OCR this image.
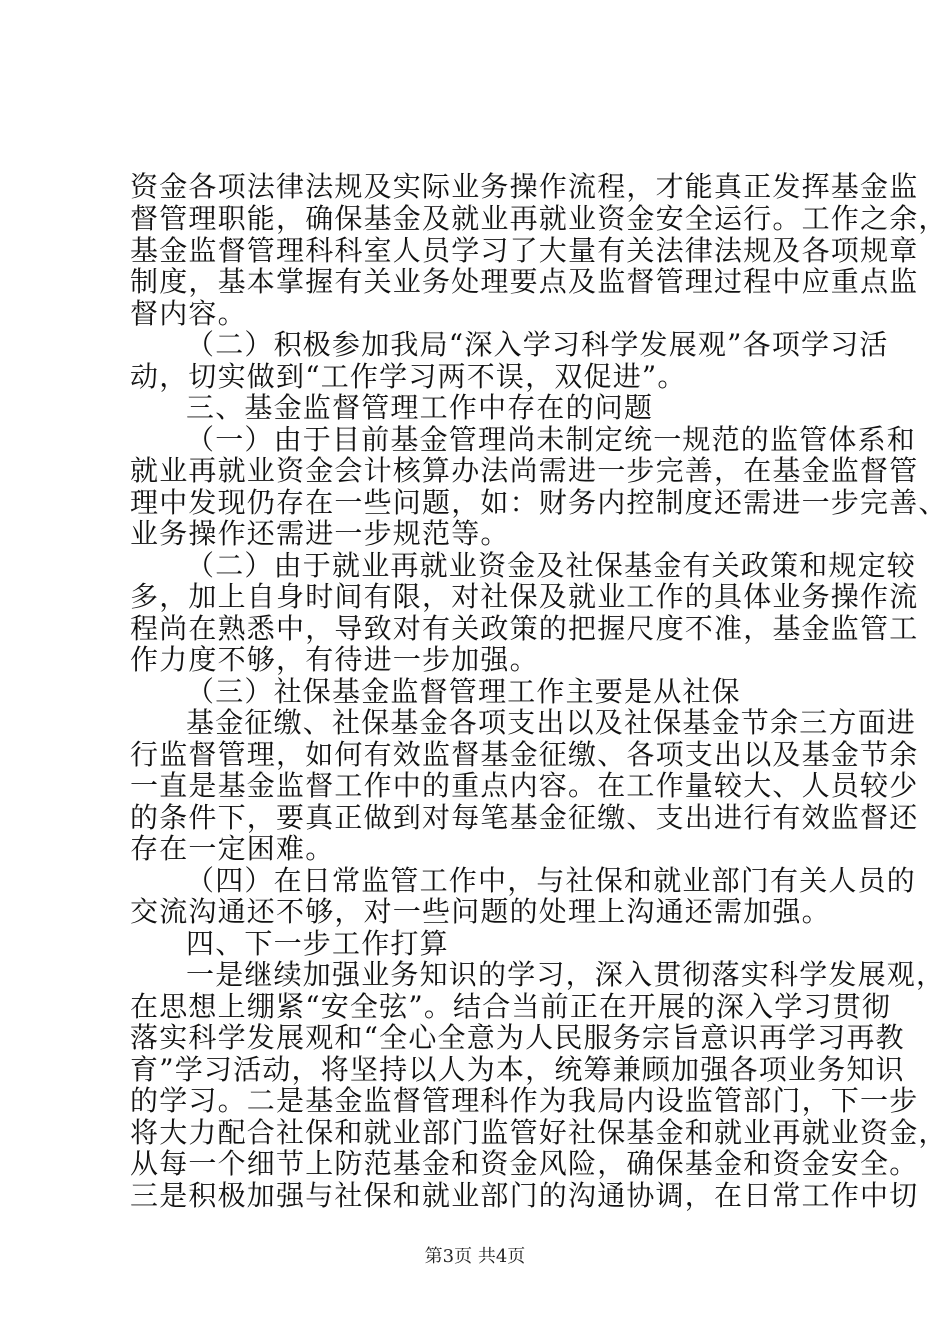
资金各项法律法规及实际业务操作流程，才能真正发挥基金监
督管理职能，确保基金及就业再就业资金安全运行。工作之余，
基金监督管理科科室人员学习了大量有关法律法规及各项规章
制度，基本掌握有关业务处理要点及监督管理过程中应重点监
督内容。
（二）积极参加我局“深入学习科学发展观”各项学习活
动，切实做到“工作学习两不误，双促进”。
三、基金监督管理工作中存在的问题
（一）由于目前基金管理尚未制定统一规范的监管体系和
就业再就业资金会计核算办法尚需进一步完善，在基金监督管
理中发现仍存在一些问题，如：财务内控制度还需进一步完善、
业务操作还需进一步规范等。
（二）由于就业再就业资金及社保基金有关政策和规定较
多，加上自身时间有限，对社保及就业工作的具体业务操作流
程尚在熟悉中，导致对有关政策的把握尺度不准，基金监管工
作力度不够，有待进一步加强。
（三）社保基金监督管理工作主要是从社保
基金征缴、社保基金各项支出以及社保基金节余三方面进
行监督管理，如何有效监督基金征缴、各项支出以及基金节余
一直是基金监督工作中的重点内容。在工作量较大、人员较少
的条件下，要真正做到对每笔基金征缴、支出进行有效监督还
存在一定困难。
（四）在日常监管工作中，与社保和就业部门有关人员的
交流沟通还不够，对一些问题的处理上沟通还需加强。
四、下一步工作打算
一是继续加强业务知识的学习，深入贯彻落实科学发展观，
在思想上绷紧“安全弦”。结合当前正在开展的深入学习贯彻
落实科学发展观和“全心全意为人民服务宗旨意识再学习再教
育”学习活动，将坚持以人为本，统筹兼顾加强各项业务知识
的学习。二是基金监督管理科作为我局内设监管部门，下一步
将大力配合社保和就业部门监管好社保基金和就业再就业资金，
从每一个细节上防范基金和资金风险，确保基金和资金安全。
三是积极加强与社保和就业部门的沟通协调，在日常工作中切
第3页 共4页
